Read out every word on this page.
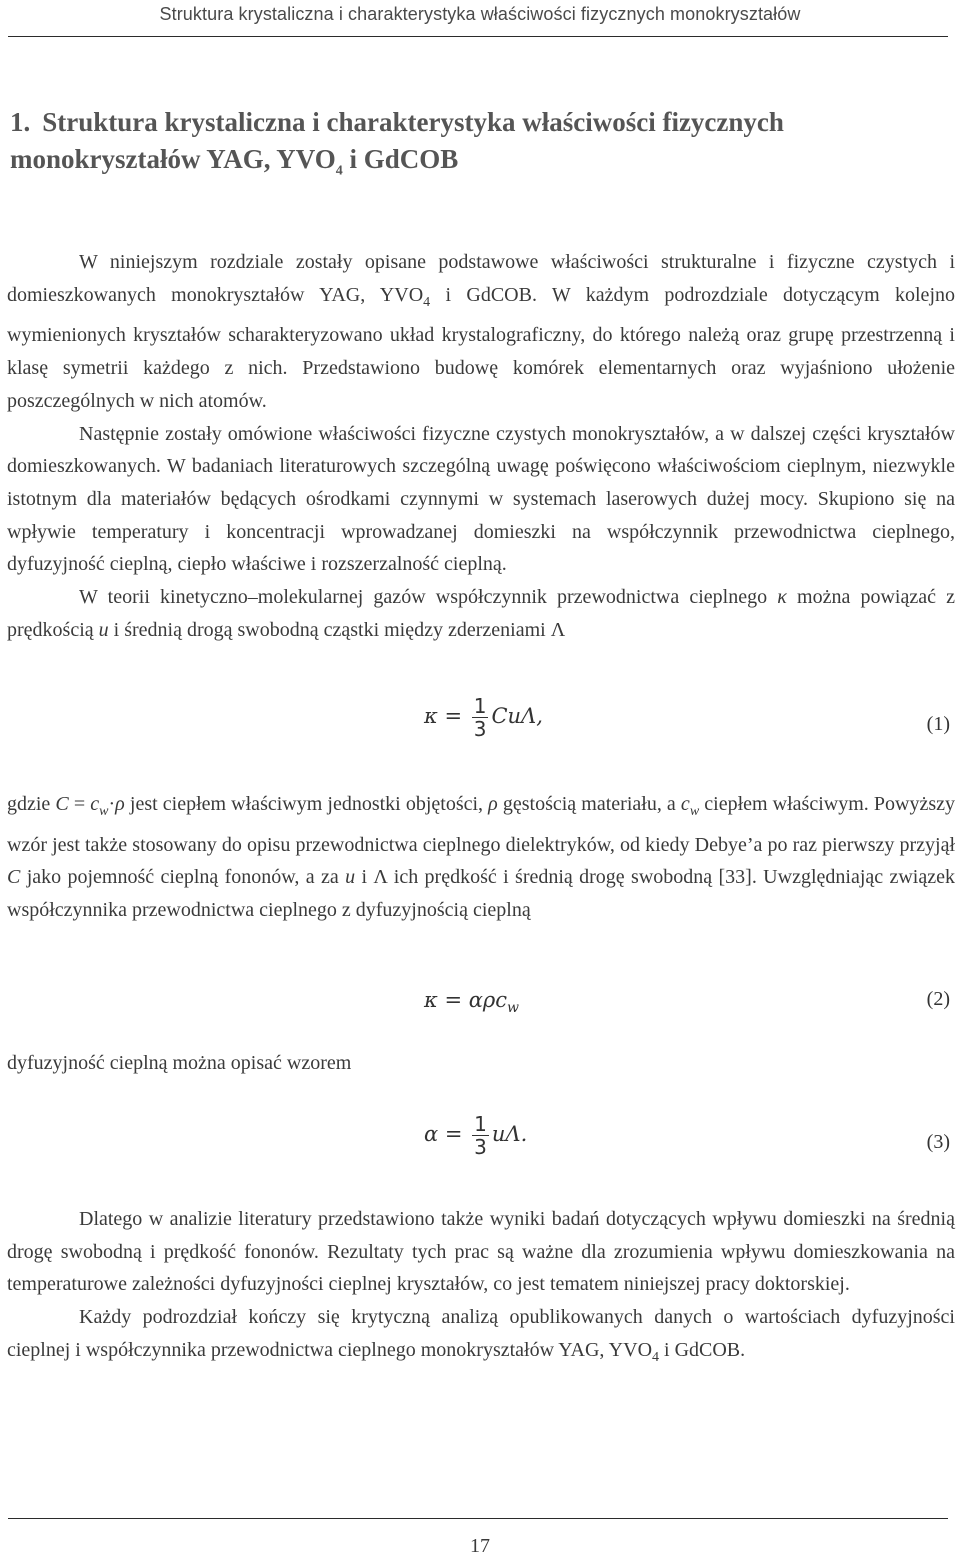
Struktura krystaliczna i charakterystyka właściwości fizycznych monokryształów
1. Struktura krystaliczna i charakterystyka właściwości fizycznych
monokryształów YAG, $YVO_4$ i GdCOB

W niniejszym rozdziale zostały opisane podstawowe właściwości strukturalne i fizyczne czystych i domieszkowanych monokryształów YAG, $YVO_4$ i GdCOB. W każdym podrozdziale dotyczącym kolejno wymienionych kryształów scharakteryzowano układ krystalograficzny, do którego należą oraz grupę przestrzenną i klasę symetrii każdego z nich. Przedstawiono budowę komórek elementarnych oraz wyjaśniono ułożenie poszczególnych w nich atomów.

Następnie zostały omówione właściwości fizyczne czystych monokryształów, a w dalszej części kryształów domieszkowanych. W badaniach literaturowych szczególną uwagę poświęcono właściwościom cieplnym, niezwykle istotnym dla materiałów będących ośrodkami czynnymi w systemach laserowych dużej mocy. Skupiono się na wpływie temperatury i koncentracji wprowadzanej domieszki na współczynnik przewodnictwa cieplnego, dyfuzyjność cieplną, ciepło właściwe i rozszerzalność cieplną.

W teorii kinetyczno–molekularnej gazów współczynnik przewodnictwa cieplnego κ można powiązać z prędkością u i średnią drogą swobodną cząstki między zderzeniami Λ

$\kappa = \frac{1}{3} Cu\Lambda$,	(1)

gdzie $C = c_w\cdot\rho$ jest ciepłem właściwym jednostki objętości, ρ gęstością materiału, a $c_w$ ciepłem właściwym. Powyższy wzór jest także stosowany do opisu przewodnictwa cieplnego dielektryków, od kiedy Debye’a po raz pierwszy przyjął C jako pojemność cieplną fononów, a za u i Λ ich prędkość i średnią drogę swobodną [33]. Uwzględniając związek współczynnika przewodnictwa cieplnego z dyfuzyjnością cieplną

κ = αρc$_w$	(2)

dyfuzyjność cieplną można opisać wzorem

$\alpha = \frac{1}{3} u\Lambda$.	(3)

Dlatego w analizie literatury przedstawiono także wyniki badań dotyczących wpływu domieszki na średnią drogę swobodną i prędkość fononów. Rezultaty tych prac są ważne dla zrozumienia wpływu domieszkowania na temperaturowe zależności dyfuzyjności cieplnej kryształów, co jest tematem niniejszej pracy doktorskiej.

Każdy podrozdział kończy się krytyczną analizą opublikowanych danych o wartościach dyfuzyjności cieplnej i współczynnika przewodnictwa cieplnego monokryształów YAG, $YVO_4$ i GdCOB.

17
